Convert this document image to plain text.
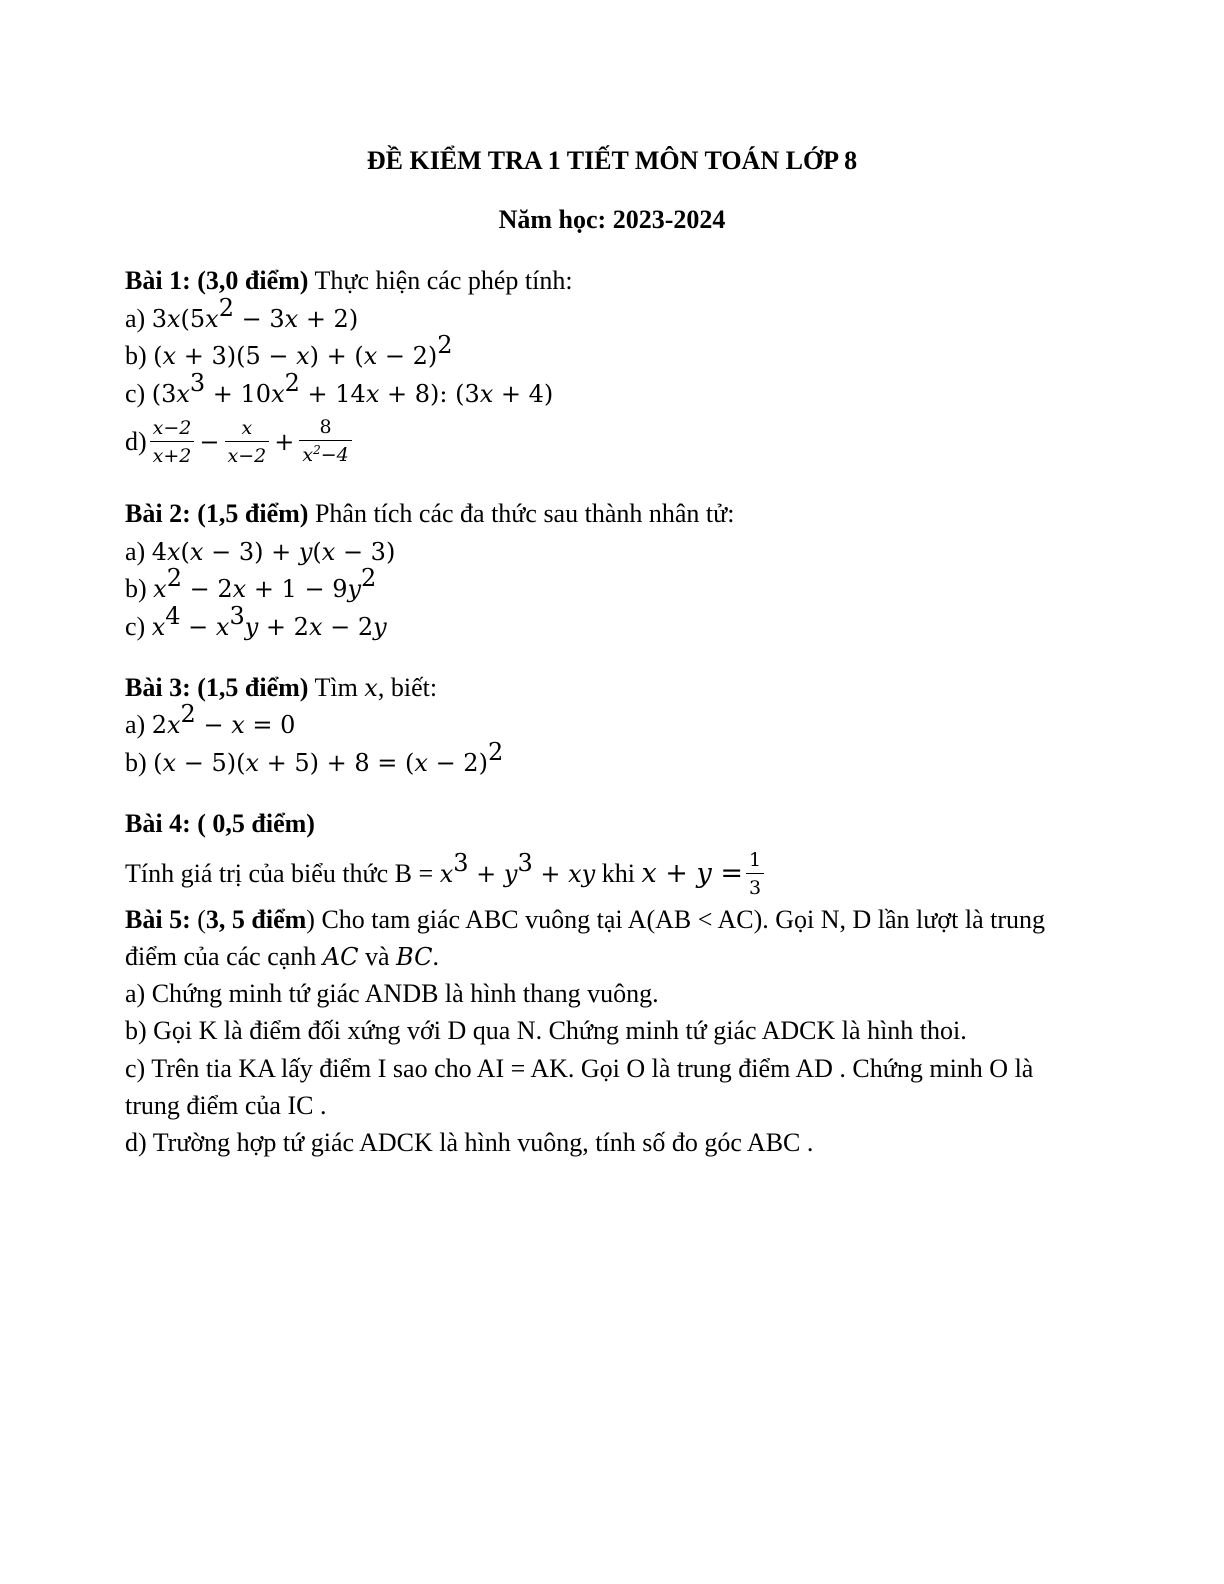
ĐỀ KIỂM TRA 1 TIẾT MÔN TOÁN LỚP 8
Năm học: 2023-2024
Bài 1: (3,0 điểm) Thực hiện các phép tính:
a) $3x(5x^2 - 3x + 2)$
b) $(x + 3)(5 - x) + (x - 2)^2$
c) $(3x^3 + 10x^2 + 14x + 8)$: (3x + 4)
$d) \frac{x-2}{x+2} - \frac{x}{x-2} + \frac{8}{x^2-4}$
Bài 2: (1,5 điểm) Phân tích các đa thức sau thành nhân tử:
a) 4x(x − 3) + y(x − 3)
b) $x^2 - 2x + 1 - 9y^2$
c) $x^4 - x^3y + 2x - 2y$
Bài 3: (1,5 điểm) Tìm x, biết:
a) $2x^2 - x = 0$
b) $(x - 5)(x + 5) + 8 = (x - 2)^2$
Bài 4: ( 0,5 điểm)
Tính giá trị của biểu thức $B = x^3 + y^3$ + xy khi $x + y = \frac{1}{3}$
Bài 5: (3, 5 điểm) Cho tam giác ABC vuông tại A(AB < AC). Gọi N, D lần lượt là trung
điểm của các cạnh AC và BC.
a) Chứng minh tứ giác ANDB là hình thang vuông.
b) Gọi K là điểm đối xứng với D qua N. Chứng minh tứ giác ADCK là hình thoi.
c) Trên tia KA lấy điểm I sao cho AI = AK. Gọi O là trung điểm AD . Chứng minh O là
trung điểm của IC .
d) Trường hợp tứ giác ADCK là hình vuông, tính số đo góc ABC .
